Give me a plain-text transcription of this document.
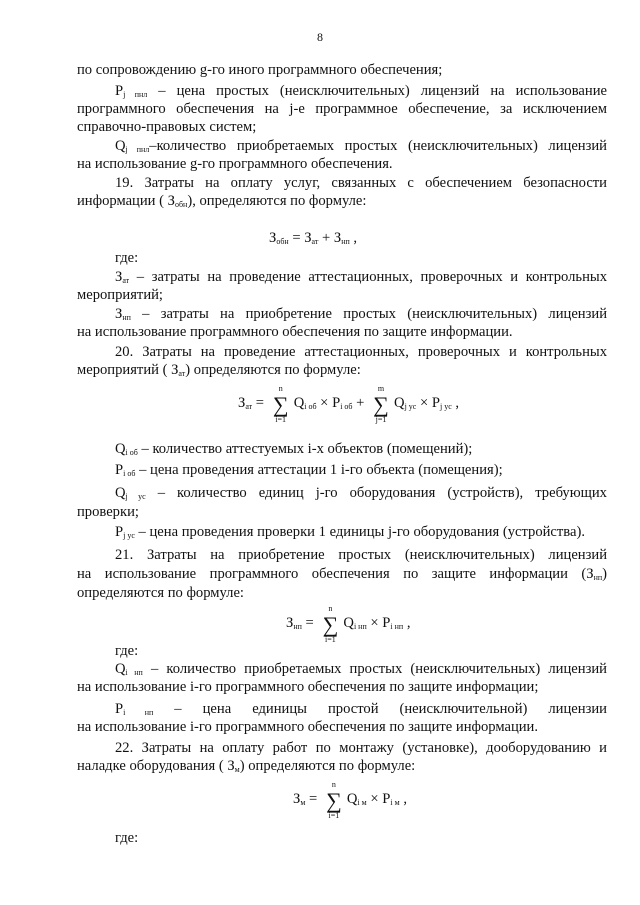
8
по сопровождению g-го иного программного обеспечения;
$P_{j пнл}$ – цена простых (неисключительных) лицензий на использование
программного обеспечения на j-е программное обеспечение, за исключением
справочно-правовых систем;
$Q_{j пнл}$–количество приобретаемых простых (неисключительных) лицензий
на использование g-го программного обеспечения.
19. Затраты на оплату услуг, связанных с обеспечением безопасности
информации ( $З_{обн}$), определяются по формуле:
$З_{обн} = З_{ат} + З_{нп}$ ,
где:
$З_{ат}$ – затраты на проведение аттестационных, проверочных и контрольных
мероприятий;
$З_{нп}$ – затраты на приобретение простых (неисключительных) лицензий
на использование программного обеспечения по защите информации.
20. Затраты на проведение аттестационных, проверочных и контрольных
мероприятий ( $З_{ат}$) определяются по формуле:
$З_{ат}$ =
n
∑
i=1
$Q_{i об} \times P_{i об}$ +
m
∑
j=1
$Q_{j ус} \times P_{j ус}$ ,
$Q_{i об}$ – количество аттестуемых i-х объектов (помещений);
$P_{i об}$ – цена проведения аттестации 1 i-го объекта (помещения);
$Q_{j ус}$ – количество единиц j-го оборудования (устройств), требующих
проверки;
$P_{j ус}$ – цена проведения проверки 1 единицы j-го оборудования (устройства).
21. Затраты на приобретение простых (неисключительных) лицензий
на использование программного обеспечения по защите информации $(З_{нп})$
определяются по формуле:
$З_{нп}$ =
n
∑
i=1
$Q_{i нп} \times P_{i нп}$ ,
где:
$Q_{i нп}$ – количество приобретаемых простых (неисключительных) лицензий
на использование i-го программного обеспечения по защите информации;
$P_{i нп}$ – цена единицы простой (неисключительной) лицензии
на использование i-го программного обеспечения по защите информации.
22. Затраты на оплату работ по монтажу (установке), дооборудованию и
наладке оборудования ( $З_м$) определяются по формуле:
$З_м$ =
n
∑
i=1
$Q_{i м} \times P_{i м}$ ,
где:
